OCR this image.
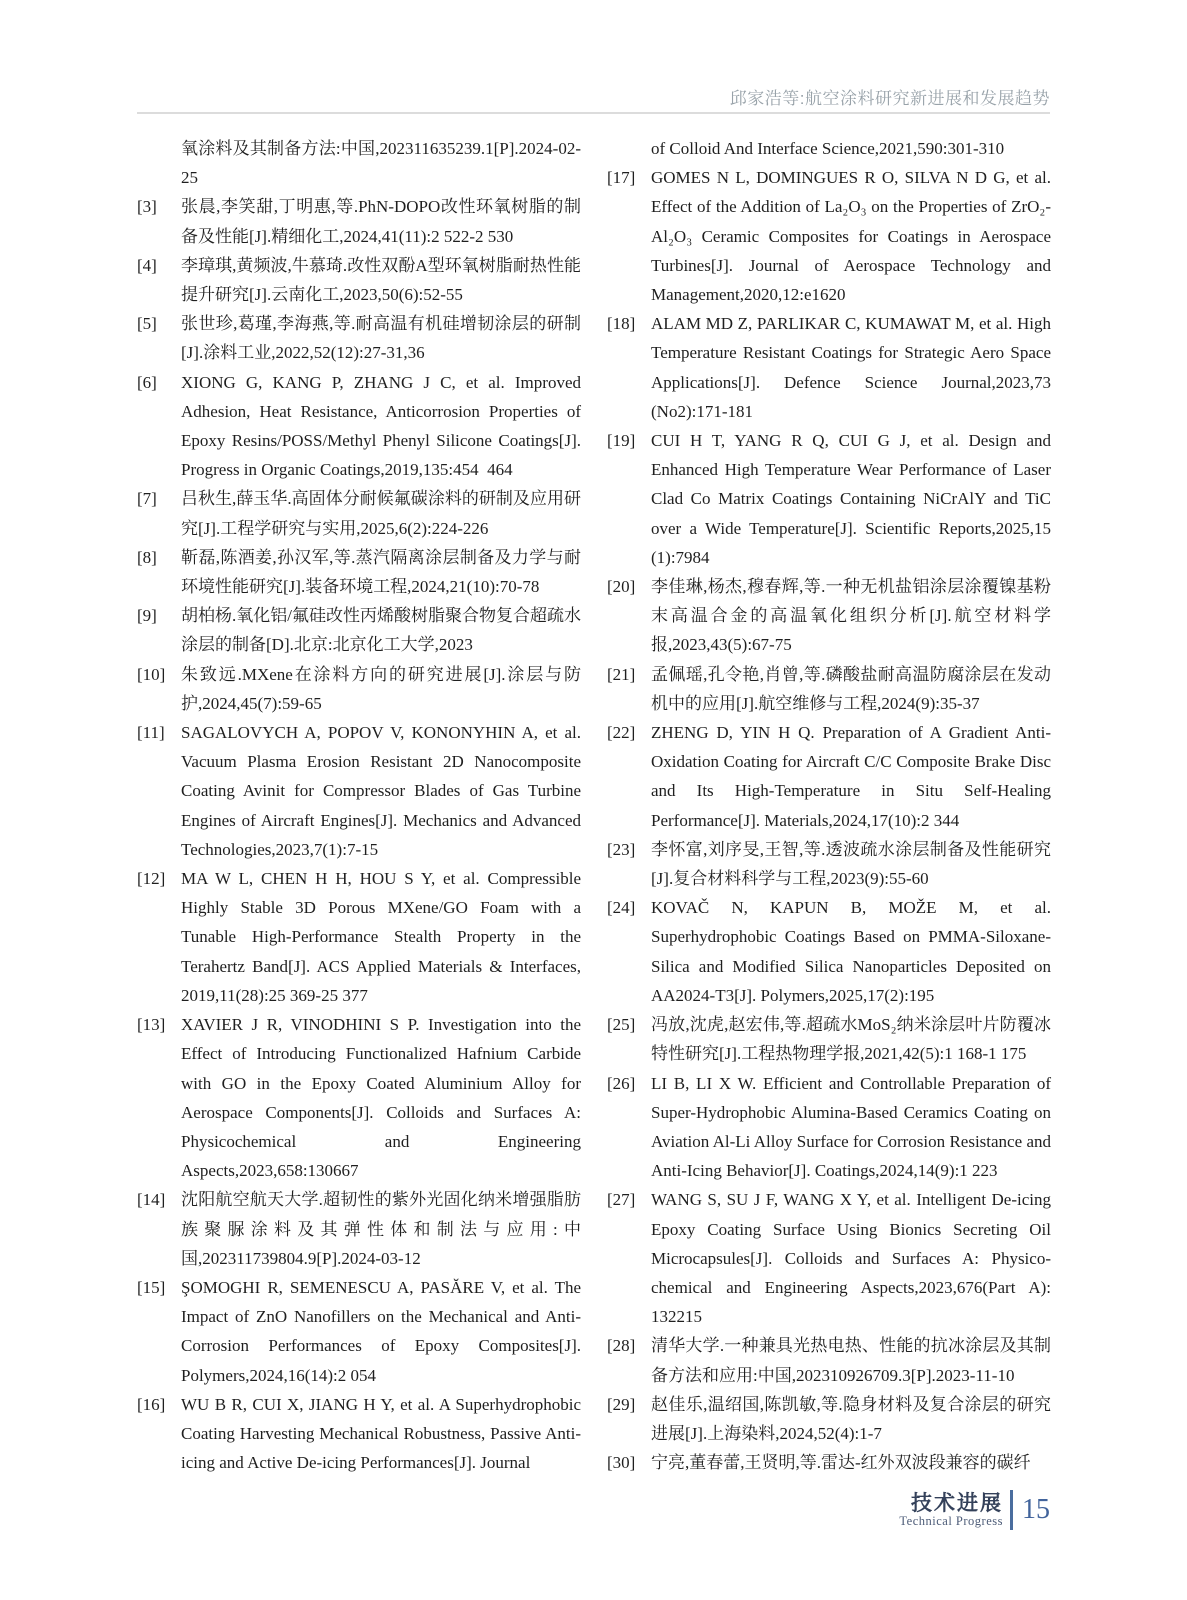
邱家浩等:航空涂料研究新进展和发展趋势
氧涂料及其制备方法:中国,202311635239.1[P].2024-02-25
[3] 张晨,李笑甜,丁明惠,等.PhN-DOPO改性环氧树脂的制备及性能[J].精细化工,2024,41(11):2 522-2 530
[4] 李璋琪,黄频波,牛慕琦.改性双酚A型环氧树脂耐热性能提升研究[J].云南化工,2023,50(6):52-55
[5] 张世珍,葛瑾,李海燕,等.耐高温有机硅增韧涂层的研制[J].涂料工业,2022,52(12):27-31,36
[6] XIONG G, KANG P, ZHANG J C, et al. Improved Adhesion, Heat Resistance, Anticorrosion Properties of Epoxy Resins/POSS/Methyl Phenyl Silicone Coatings[J]. Progress in Organic Coatings,2019,135:454 464
[7] 吕秋生,薛玉华.高固体分耐候氟碳涂料的研制及应用研究[J].工程学研究与实用,2025,6(2):224-226
[8] 靳磊,陈酒姜,孙汉军,等.蒸汽隔离涂层制备及力学与耐环境性能研究[J].装备环境工程,2024,21(10):70-78
[9] 胡柏杨.氧化铝/氟硅改性丙烯酸树脂聚合物复合超疏水涂层的制备[D].北京:北京化工大学,2023
[10] 朱致远.MXene在涂料方向的研究进展[J].涂层与防护,2024,45(7):59-65
[11] SAGALOVYCH A, POPOV V, KONONYHIN A, et al. Vacuum Plasma Erosion Resistant 2D Nanocomposite Coating Avinit for Compressor Blades of Gas Turbine Engines of Aircraft Engines[J]. Mechanics and Advanced Technologies,2023,7(1):7-15
[12] MA W L, CHEN H H, HOU S Y, et al. Compressible Highly Stable 3D Porous MXene/GO Foam with a Tunable High-Performance Stealth Property in the Terahertz Band[J]. ACS Applied Materials & Interfaces, 2019,11(28):25 369-25 377
[13] XAVIER J R, VINODHINI S P. Investigation into the Effect of Introducing Functionalized Hafnium Carbide with GO in the Epoxy Coated Aluminium Alloy for Aerospace Components[J]. Colloids and Surfaces A: Physicochemical and Engineering Aspects,2023,658:130667
[14] 沈阳航空航天大学.超韧性的紫外光固化纳米增强脂肪族聚脲涂料及其弹性体和制法与应用:中国,202311739804.9[P].2024-03-12
[15] ŞOMOGHI R, SEMENESCU A, PASĂRE V, et al. The Impact of ZnO Nanofillers on the Mechanical and Anti-Corrosion Performances of Epoxy Composites[J]. Polymers,2024,16(14):2 054
[16] WU B R, CUI X, JIANG H Y, et al. A Superhydrophobic Coating Harvesting Mechanical Robustness, Passive Anti-icing and Active De-icing Performances[J]. Journal
of Colloid And Interface Science,2021,590:301-310
[17] GOMES N L, DOMINGUES R O, SILVA N D G, et al. Effect of the Addition of La₂O₃ on the Properties of ZrO₂-Al₂O₃ Ceramic Composites for Coatings in Aerospace Turbines[J]. Journal of Aerospace Technology and Management,2020,12:e1620
[18] ALAM MD Z, PARLIKAR C, KUMAWAT M, et al. High Temperature Resistant Coatings for Strategic Aero Space Applications[J]. Defence Science Journal,2023,73 (No2):171-181
[19] CUI H T, YANG R Q, CUI G J, et al. Design and Enhanced High Temperature Wear Performance of Laser Clad Co Matrix Coatings Containing NiCrAlY and TiC over a Wide Temperature[J]. Scientific Reports,2025,15 (1):7984
[20] 李佳琳,杨杰,穆春辉,等.一种无机盐铝涂层涂覆镍基粉末高温合金的高温氧化组织分析[J].航空材料学报,2023,43(5):67-75
[21] 孟佩瑶,孔令艳,肖曾,等.磷酸盐耐高温防腐涂层在发动机中的应用[J].航空维修与工程,2024(9):35-37
[22] ZHENG D, YIN H Q. Preparation of A Gradient Anti-Oxidation Coating for Aircraft C/C Composite Brake Disc and Its High-Temperature in Situ Self-Healing Performance[J]. Materials,2024,17(10):2 344
[23] 李怀富,刘序旻,王智,等.透波疏水涂层制备及性能研究[J].复合材料科学与工程,2023(9):55-60
[24] KOVAČ N, KAPUN B, MOŽE M, et al. Superhydrophobic Coatings Based on PMMA-Siloxane-Silica and Modified Silica Nanoparticles Deposited on AA2024-T3[J]. Polymers,2025,17(2):195
[25] 冯放,沈虎,赵宏伟,等.超疏水MoS₂纳米涂层叶片防覆冰特性研究[J].工程热物理学报,2021,42(5):1 168-1 175
[26] LI B, LI X W. Efficient and Controllable Preparation of Super-Hydrophobic Alumina-Based Ceramics Coating on Aviation Al-Li Alloy Surface for Corrosion Resistance and Anti-Icing Behavior[J]. Coatings,2024,14(9):1 223
[27] WANG S, SU J F, WANG X Y, et al. Intelligent De-icing Epoxy Coating Surface Using Bionics Secreting Oil Microcapsules[J]. Colloids and Surfaces A: Physico-chemical and Engineering Aspects,2023,676(Part A): 132215
[28] 清华大学.一种兼具光热电热、性能的抗冰涂层及其制备方法和应用:中国,202310926709.3[P].2023-11-10
[29] 赵佳乐,温绍国,陈凯敏,等.隐身材料及复合涂层的研究进展[J].上海染料,2024,52(4):1-7
[30] 宁亮,董春蕾,王贤明,等.雷达-红外双波段兼容的碳纤
技术进展
Technical Progress 15
